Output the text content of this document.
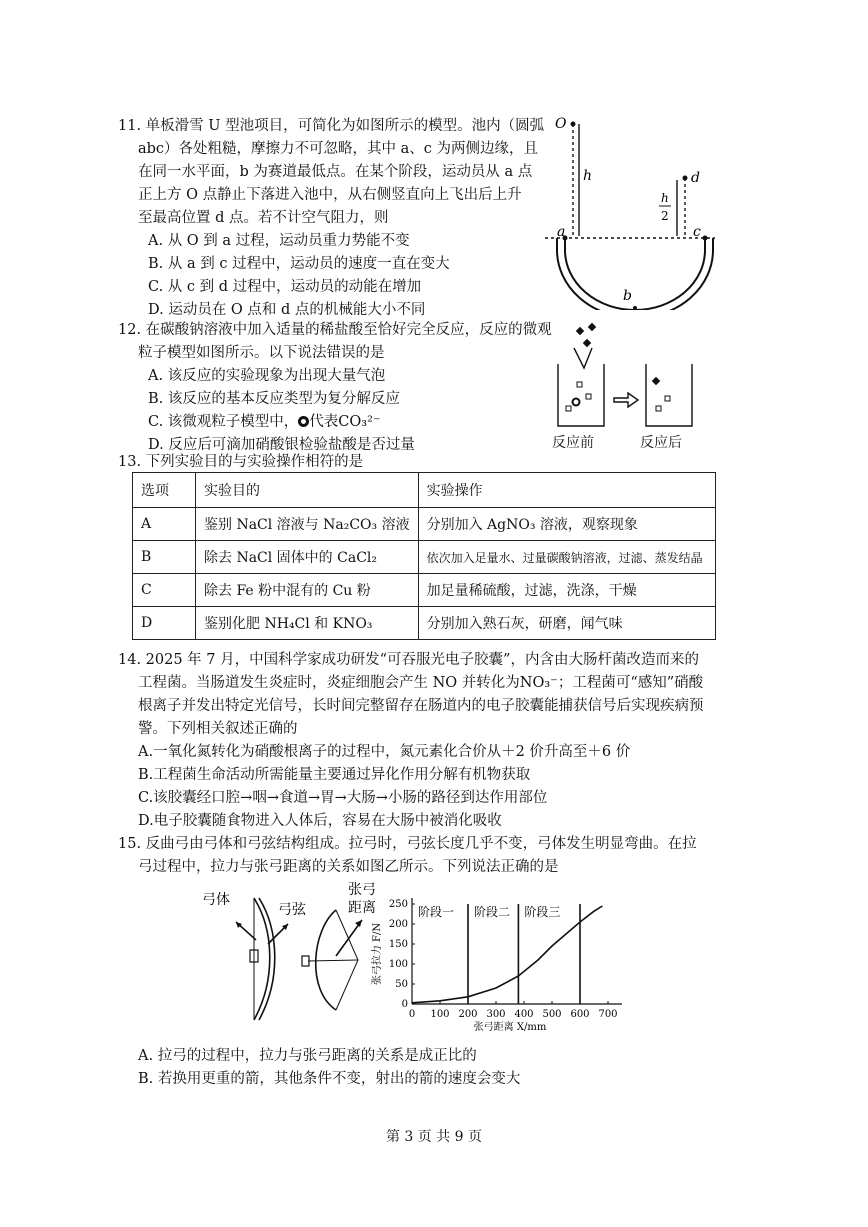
11. 单板滑雪 U 型池项目，可简化为如图所示的模型。池内（圆弧
abc）各处粗糙，摩擦力不可忽略，其中 a、c 为两侧边缘，且
在同一水平面，b 为赛道最低点。在某个阶段，运动员从 a 点
正上方 O 点静止下落进入池中，从右侧竖直向上飞出后上升
至最高位置 d 点。若不计空气阻力，则
A. 从 O 到 a 过程，运动员重力势能不变
B. 从 a 到 c 过程中，运动员的速度一直在变大
C. 从 c 到 d 过程中，运动员的动能在增加
D. 运动员在 O 点和 d 点的机械能大小不同
O
h
h
2
d
a	c
b
12. 在碳酸钠溶液中加入适量的稀盐酸至恰好完全反应，反应的微观
粒子模型如图所示。以下说法错误的是
A. 该反应的实验现象为出现大量气泡
B. 该反应的基本反应类型为复分解反应
C. 该微观粒子模型中， 代表CO₃²⁻
D. 反应后可滴加硝酸银检验盐酸是否过量	反应前	反应后
13. 下列实验目的与实验操作相符的是
选项	实验目的	实验操作
A	鉴别 NaCl 溶液与 Na₂CO₃ 溶液	分别加入 AgNO₃ 溶液，观察现象
B	除去 NaCl 固体中的 CaCl₂	依次加入足量水、过量碳酸钠溶液，过滤、蒸发结晶
C	除去 Fe 粉中混有的 Cu 粉	加足量稀硫酸，过滤，洗涤，干燥
D	鉴别化肥 NH₄Cl 和 KNO₃	分别加入熟石灰，研磨，闻气味
14. 2025 年 7 月，中国科学家成功研发“可吞服光电子胶囊”，内含由大肠杆菌改造而来的
工程菌。当肠道发生炎症时，炎症细胞会产生 NO 并转化为NO₃⁻；工程菌可“感知”硝酸
根离子并发出特定光信号，长时间完整留存在肠道内的电子胶囊能捕获信号后实现疾病预
警。下列相关叙述正确的
A.一氧化氮转化为硝酸根离子的过程中，氮元素化合价从＋2 价升高至＋6 价
B.工程菌生命活动所需能量主要通过异化作用分解有机物获取
C.该胶囊经口腔→咽→食道→胃→大肠→小肠的路径到达作用部位
D.电子胶囊随食物进入人体后，容易在大肠中被消化吸收
15. 反曲弓由弓体和弓弦结构组成。拉弓时，弓弦长度几乎不变，弓体发生明显弯曲。在拉
弓过程中，拉力与张弓距离的关系如图乙所示。下列说法正确的是
弓体
弓弦
张弓
距离
0 100 200 300 400 500 600 700
0
50
100
150
200
250
阶段一 阶段二 阶段三
张弓距离 X/mm
张弓拉力 F/N
A. 拉弓的过程中，拉力与张弓距离的关系是成正比的
B. 若换用更重的箭，其他条件不变，射出的箭的速度会变大
第 3 页 共 9 页
